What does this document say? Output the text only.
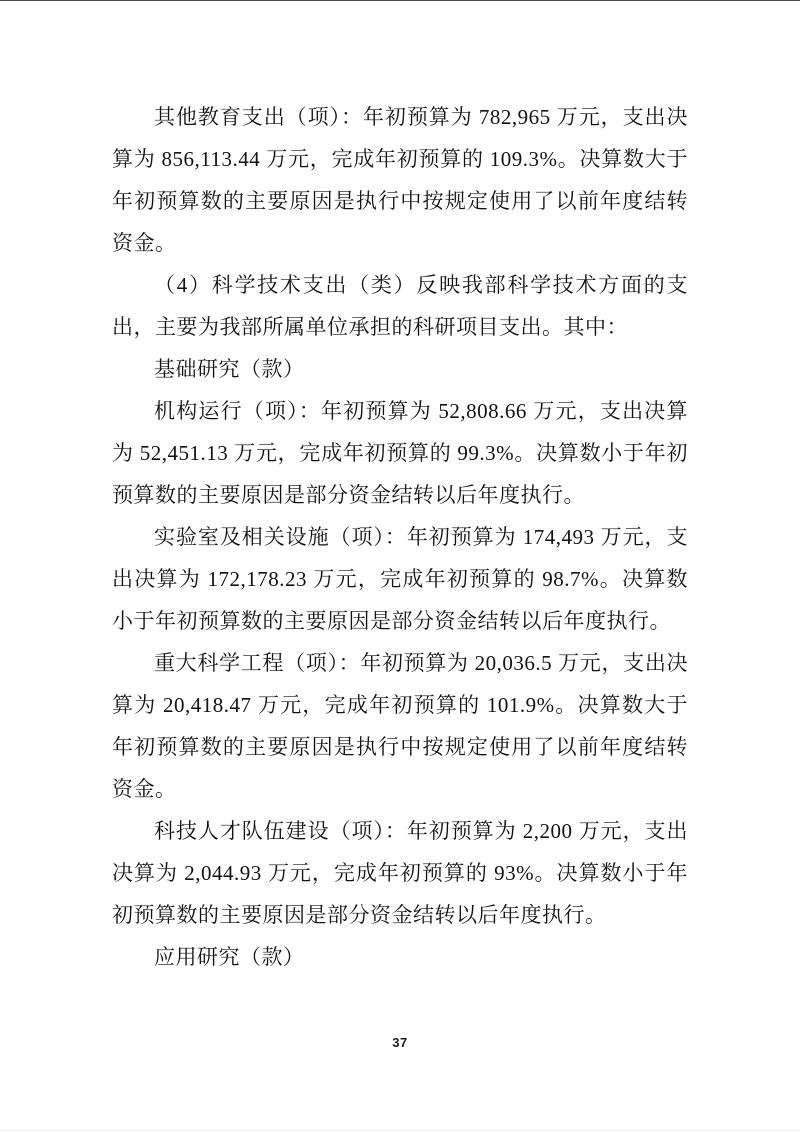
其他教育支出（项）：年初预算为 782,965 万元，支出决算为 856,113.44 万元，完成年初预算的 109.3%。决算数大于年初预算数的主要原因是执行中按规定使用了以前年度结转资金。

（4）科学技术支出（类）反映我部科学技术方面的支出，主要为我部所属单位承担的科研项目支出。其中：

基础研究（款）

机构运行（项）：年初预算为 52,808.66 万元，支出决算为 52,451.13 万元，完成年初预算的 99.3%。决算数小于年初预算数的主要原因是部分资金结转以后年度执行。

实验室及相关设施（项）：年初预算为 174,493 万元，支出决算为 172,178.23 万元，完成年初预算的 98.7%。决算数小于年初预算数的主要原因是部分资金结转以后年度执行。

重大科学工程（项）：年初预算为 20,036.5 万元，支出决算为 20,418.47 万元，完成年初预算的 101.9%。决算数大于年初预算数的主要原因是执行中按规定使用了以前年度结转资金。

科技人才队伍建设（项）：年初预算为 2,200 万元，支出决算为 2,044.93 万元，完成年初预算的 93%。决算数小于年初预算数的主要原因是部分资金结转以后年度执行。

应用研究（款）

37
